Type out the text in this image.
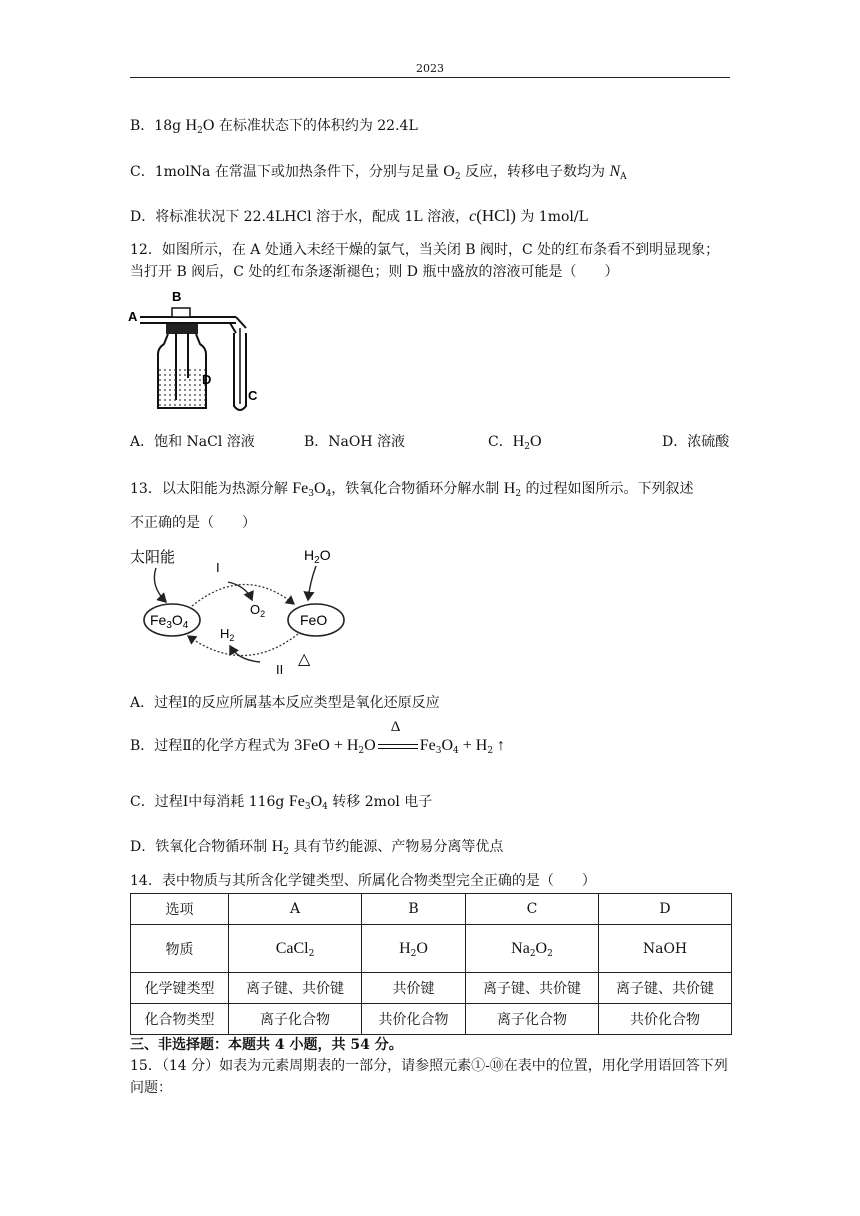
2023
B．18g $H_2O$ 在标准状态下的体积约为 22.4L
C．1molNa 在常温下或加热条件下，分别与足量 $O_2$ 反应，转移电子数均为 $N_A$
D．将标准状况下 22.4LHCl 溶于水，配成 1L 溶液，c(HCl) 为 1mol/L
12．如图所示，在 A 处通入未经干燥的氯气，当关闭 B 阀时，C 处的红布条看不到明显现象；当打开 B 阀后，C 处的红布条逐渐褪色；则 D 瓶中盛放的溶液可能是（　　）
A
B
C
D
A．饱和 NaCl 溶液	B．NaOH 溶液	C．$H_2O$	D．浓硫酸
13．以太阳能为热源分解 $Fe_3O_4$，铁氧化合物循环分解水制 $H_2$ 的过程如图所示。下列叙述
不正确的是（　　）
太阳能	$H_2O$
$Fe_3O_4$	FeO
I
$O_2$
$H_2$
II
△
A．过程Ⅰ的反应所属基本反应类型是氧化还原反应
B．过程Ⅱ的化学方程式为 $3FeO + H_2O$
Δ
$Fe_3O_4 + H_2$ ↑
C．过程Ⅰ中每消耗 116g $Fe_3O_4$ 转移 2mol 电子
D．铁氧化合物循环制 $H_2$ 具有节约能源、产物易分离等优点
14．表中物质与其所含化学键类型、所属化合物类型完全正确的是（　　）
选项	A	B	C	D
物质	CaCl$_2$	$H_2O$	$Na_2O_2$	NaOH
化学键类型	离子键、共价键	共价键	离子键、共价键	离子键、共价键
化合物类型	离子化合物	共价化合物	离子化合物	共价化合物
三、非选择题：本题共 4 小题，共 54 分。
15．（14 分）如表为元素周期表的一部分，请参照元素①-⑩在表中的位置，用化学用语回答下列问题：
